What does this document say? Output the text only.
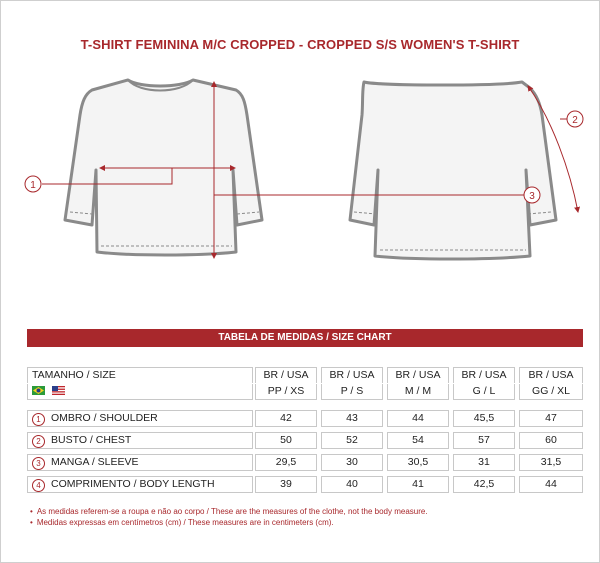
T-SHIRT FEMININA M/C CROPPED - CROPPED S/S WOMEN'S T-SHIRT
1
2
3
TABELA DE MEDIDAS / SIZE CHART
TAMANHO / SIZE	BR / USA	BR / USA	BR / USA	BR / USA	BR / USA

PP / XS	P / S	M / M	G / L	GG / XL
1 OMBRO / SHOULDER	42	43	44	45,5	47
2 BUSTO / CHEST	50	52	54	57	60
3 MANGA / SLEEVE	29,5	30	30,5	31	31,5
4 COMPRIMENTO / BODY LENGTH	39	40	41	42,5	44
• As medidas referem-se a roupa e não ao corpo / These are the measures of the clothe, not the body measure.
• Medidas expressas em centímetros (cm) / These measures are in centimeters (cm).
